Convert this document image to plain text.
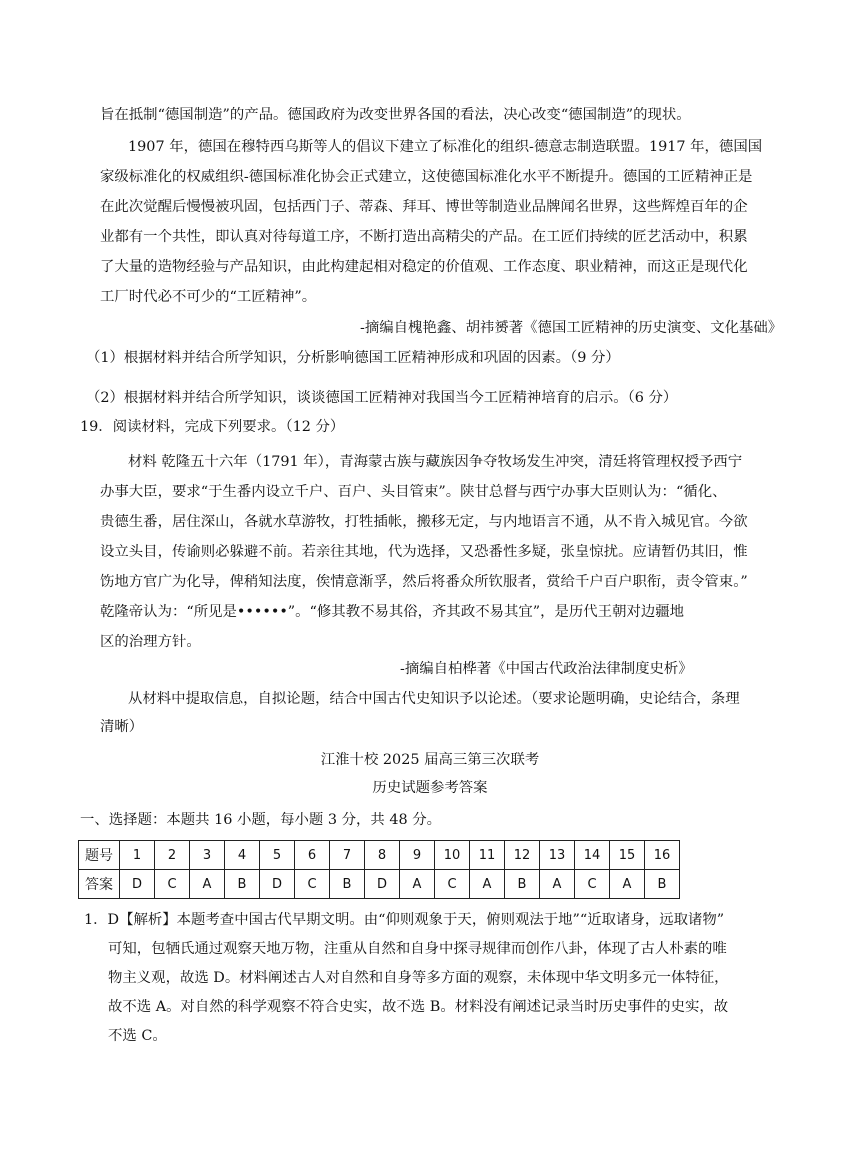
旨在抵制“德国制造”的产品。德国政府为改变世界各国的看法，决心改变“德国制造”的现状。
1907 年，德国在穆特西乌斯等人的倡议下建立了标准化的组织-德意志制造联盟。1917 年，德国国
家级标准化的权威组织-德国标准化协会正式建立，这使德国标准化水平不断提升。德国的工匠精神正是
在此次觉醒后慢慢被巩固，包括西门子、蒂森、拜耳、博世等制造业品牌闻名世界，这些辉煌百年的企
业都有一个共性，即认真对待每道工序，不断打造出高精尖的产品。在工匠们持续的匠艺活动中，积累
了大量的造物经验与产品知识，由此构建起相对稳定的价值观、工作态度、职业精神，而这正是现代化
工厂时代必不可少的“工匠精神”。
-摘编自槐艳鑫、胡祎赟著《德国工匠精神的历史演变、文化基础》
（1）根据材料并结合所学知识，分析影响德国工匠精神形成和巩固的因素。（9 分）
（2）根据材料并结合所学知识，谈谈德国工匠精神对我国当今工匠精神培育的启示。（6 分）
19．阅读材料，完成下列要求。（12 分）
材料 乾隆五十六年（1791 年），青海蒙古族与藏族因争夺牧场发生冲突，清廷将管理权授予西宁
办事大臣，要求“于生番内设立千户、百户、头目管束”。陕甘总督与西宁办事大臣则认为：“循化、
贵德生番，居住深山，各就水草游牧，打牲插帐，搬移无定，与内地语言不通，从不肯入城见官。今欲
设立头目，传谕则必躲避不前。若亲往其地，代为选择，又恐番性多疑，张皇惊扰。应请暂仍其旧，惟
饬地方官广为化导，俾稍知法度，俟情意渐孚，然后将番众所钦服者，赏给千户百户职衔，责令管束。”
乾隆帝认为：“所见是••••••”。“修其教不易其俗，齐其政不易其宜”，是历代王朝对边疆地
区的治理方针。
-摘编自柏桦著《中国古代政治法律制度史析》
从材料中提取信息，自拟论题，结合中国古代史知识予以论述。（要求论题明确，史论结合，条理
清晰）
江淮十校 2025 届高三第三次联考
历史试题参考答案
一、选择题：本题共 16 小题，每小题 3 分，共 48 分。
题号	1	2	3	4	5	6	7	8	9	10	11	12	13	14	15	16
答案	D	C	A	B	D	C	B	D	A	C	A	B	A	C	A	B
1．D【解析】本题考查中国古代早期文明。由“仰则观象于天，俯则观法于地”“近取诸身，远取诸物”
可知，包牺氏通过观察天地万物，注重从自然和自身中探寻规律而创作八卦，体现了古人朴素的唯
物主义观，故选 D。材料阐述古人对自然和自身等多方面的观察，未体现中华文明多元一体特征，
故不选 A。对自然的科学观察不符合史实，故不选 B。材料没有阐述记录当时历史事件的史实，故
不选 C。
